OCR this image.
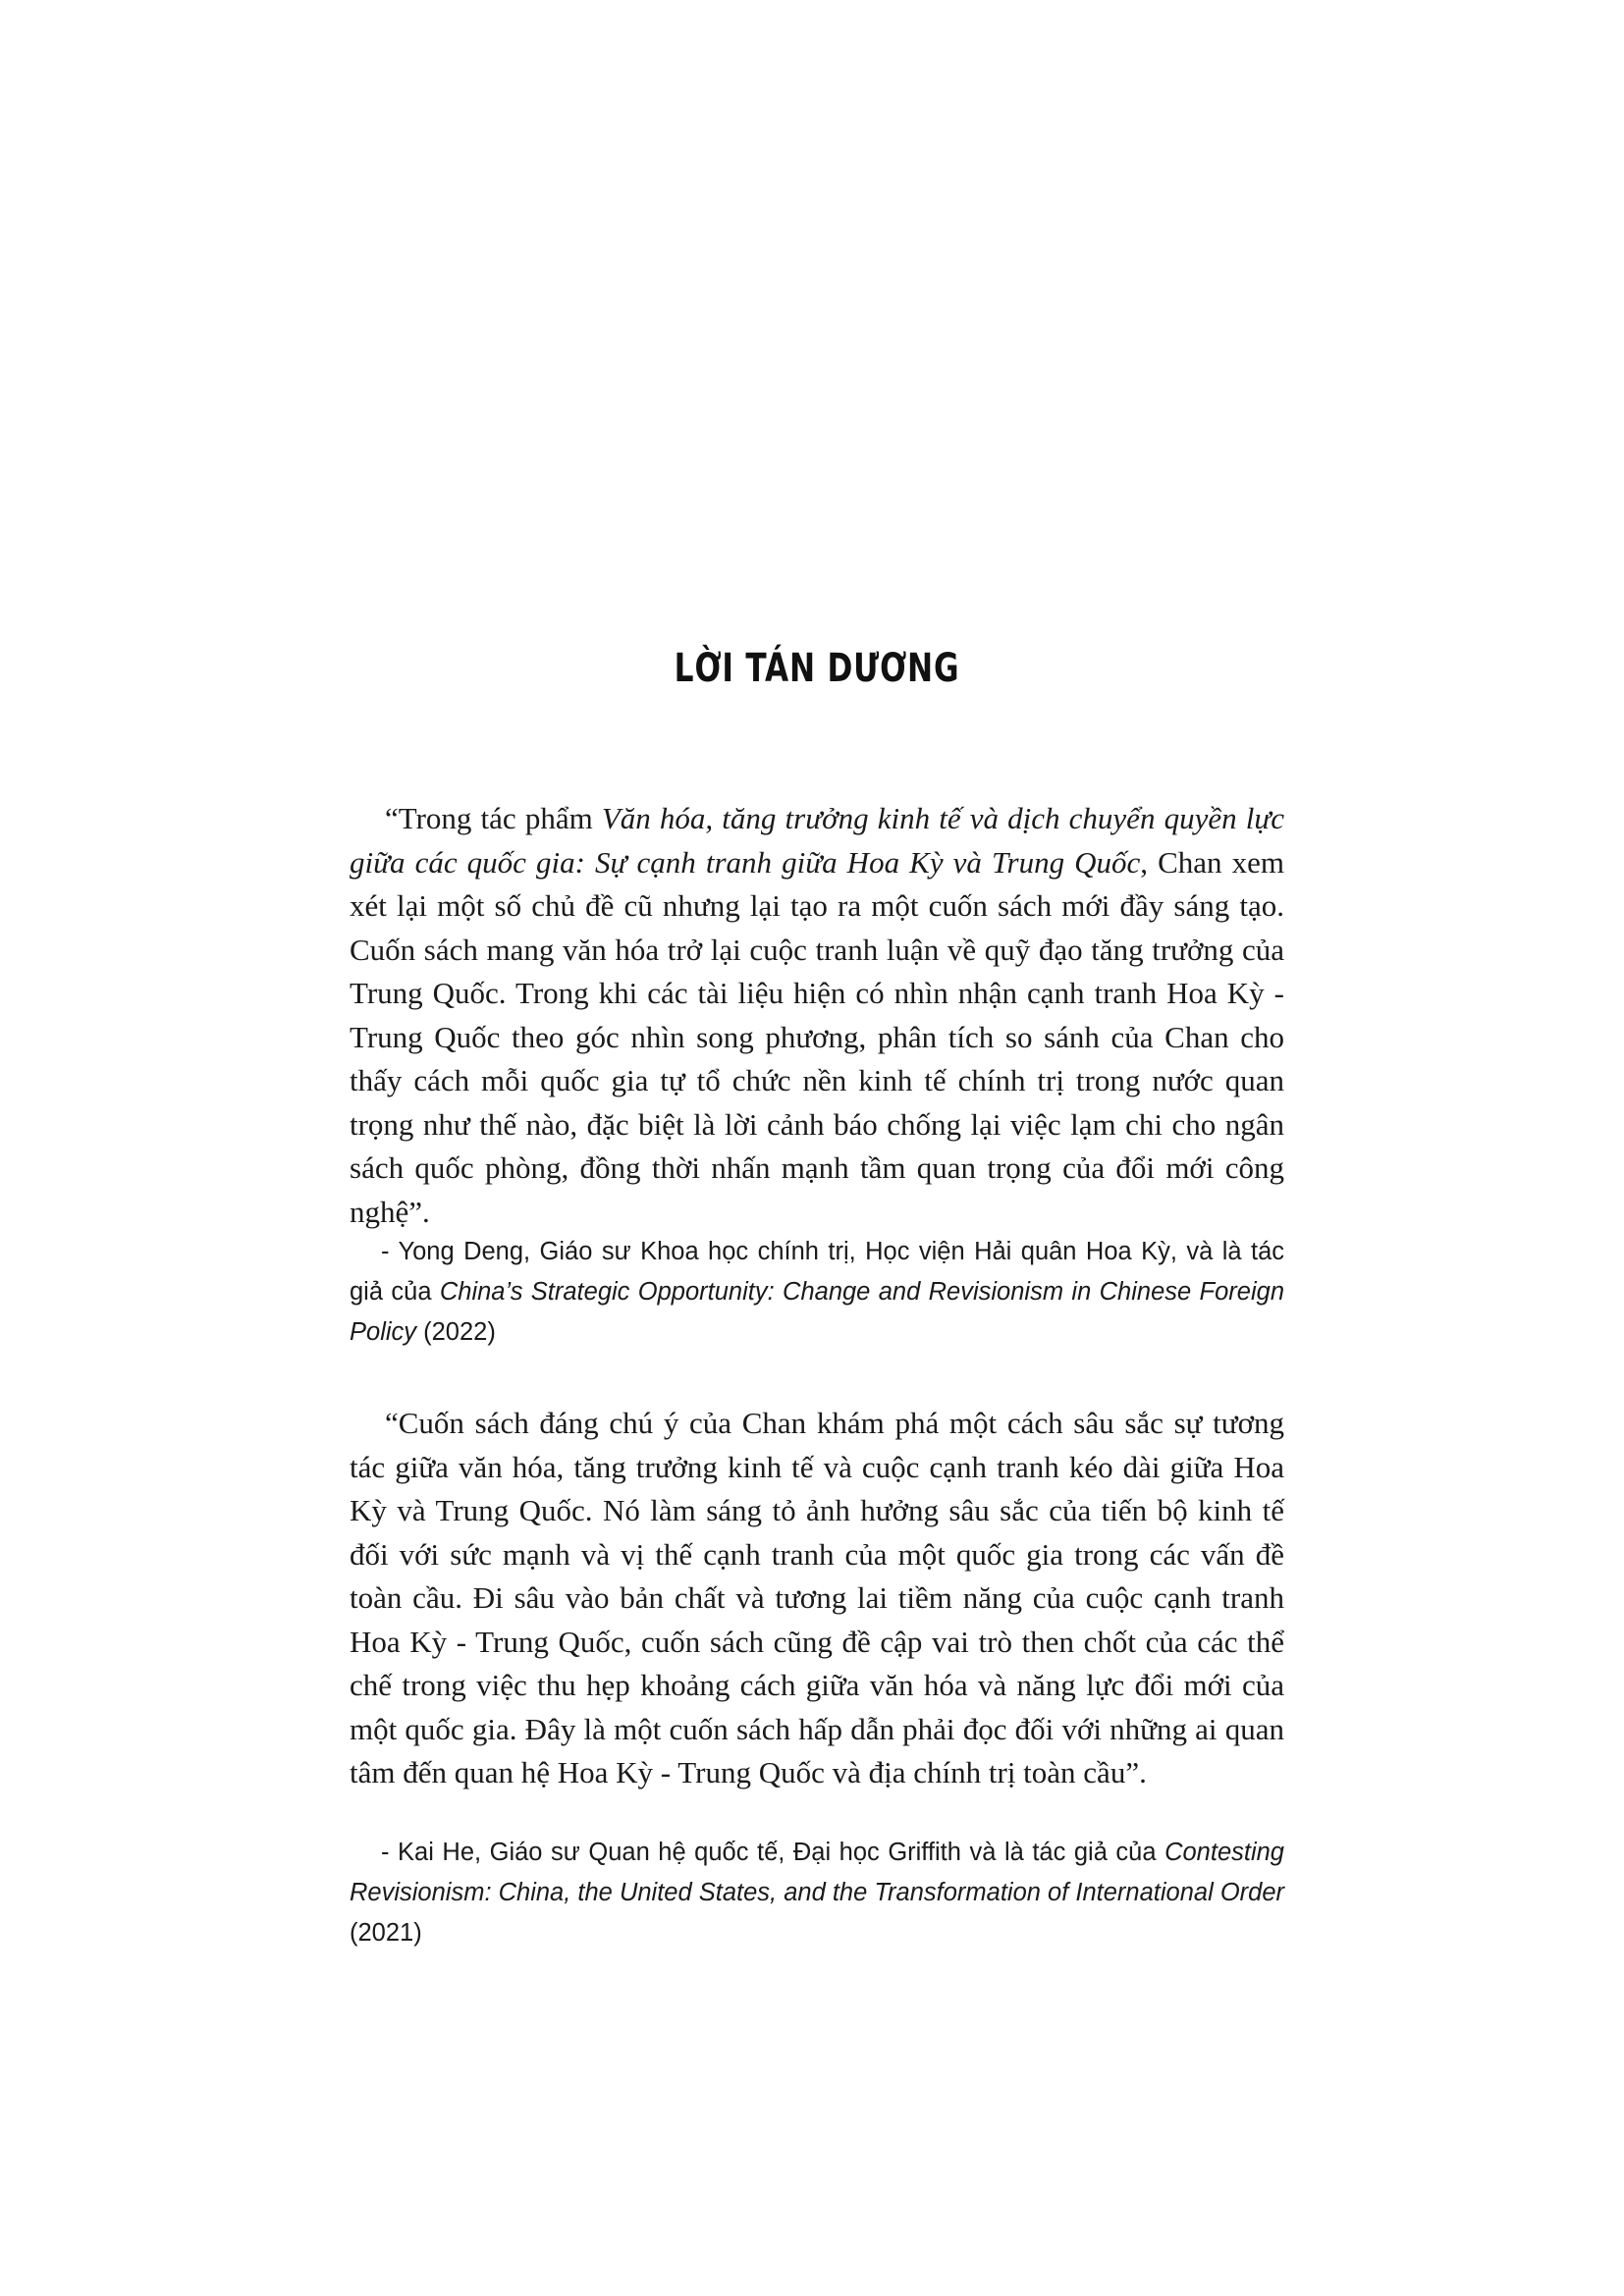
LỜI TÁN DƯƠNG

“Trong tác phẩm Văn hóa, tăng trưởng kinh tế và dịch chuyển quyền lực giữa các quốc gia: Sự cạnh tranh giữa Hoa Kỳ và Trung Quốc, Chan xem xét lại một số chủ đề cũ nhưng lại tạo ra một cuốn sách mới đầy sáng tạo. Cuốn sách mang văn hóa trở lại cuộc tranh luận về quỹ đạo tăng trưởng của Trung Quốc. Trong khi các tài liệu hiện có nhìn nhận cạnh tranh Hoa Kỳ - Trung Quốc theo góc nhìn song phương, phân tích so sánh của Chan cho thấy cách mỗi quốc gia tự tổ chức nền kinh tế chính trị trong nước quan trọng như thế nào, đặc biệt là lời cảnh báo chống lại việc lạm chi cho ngân sách quốc phòng, đồng thời nhấn mạnh tầm quan trọng của đổi mới công nghệ”.

- Yong Deng, Giáo sư Khoa học chính trị, Học viện Hải quân Hoa Kỳ, và là tác giả của China’s Strategic Opportunity: Change and Revisionism in Chinese Foreign Policy (2022)

“Cuốn sách đáng chú ý của Chan khám phá một cách sâu sắc sự tương tác giữa văn hóa, tăng trưởng kinh tế và cuộc cạnh tranh kéo dài giữa Hoa Kỳ và Trung Quốc. Nó làm sáng tỏ ảnh hưởng sâu sắc của tiến bộ kinh tế đối với sức mạnh và vị thế cạnh tranh của một quốc gia trong các vấn đề toàn cầu. Đi sâu vào bản chất và tương lai tiềm năng của cuộc cạnh tranh Hoa Kỳ - Trung Quốc, cuốn sách cũng đề cập vai trò then chốt của các thể chế trong việc thu hẹp khoảng cách giữa văn hóa và năng lực đổi mới của một quốc gia. Đây là một cuốn sách hấp dẫn phải đọc đối với những ai quan tâm đến quan hệ Hoa Kỳ - Trung Quốc và địa chính trị toàn cầu”.

- Kai He, Giáo sư Quan hệ quốc tế, Đại học Griffith và là tác giả của Contesting Revisionism: China, the United States, and the Transformation of International Order (2021)
